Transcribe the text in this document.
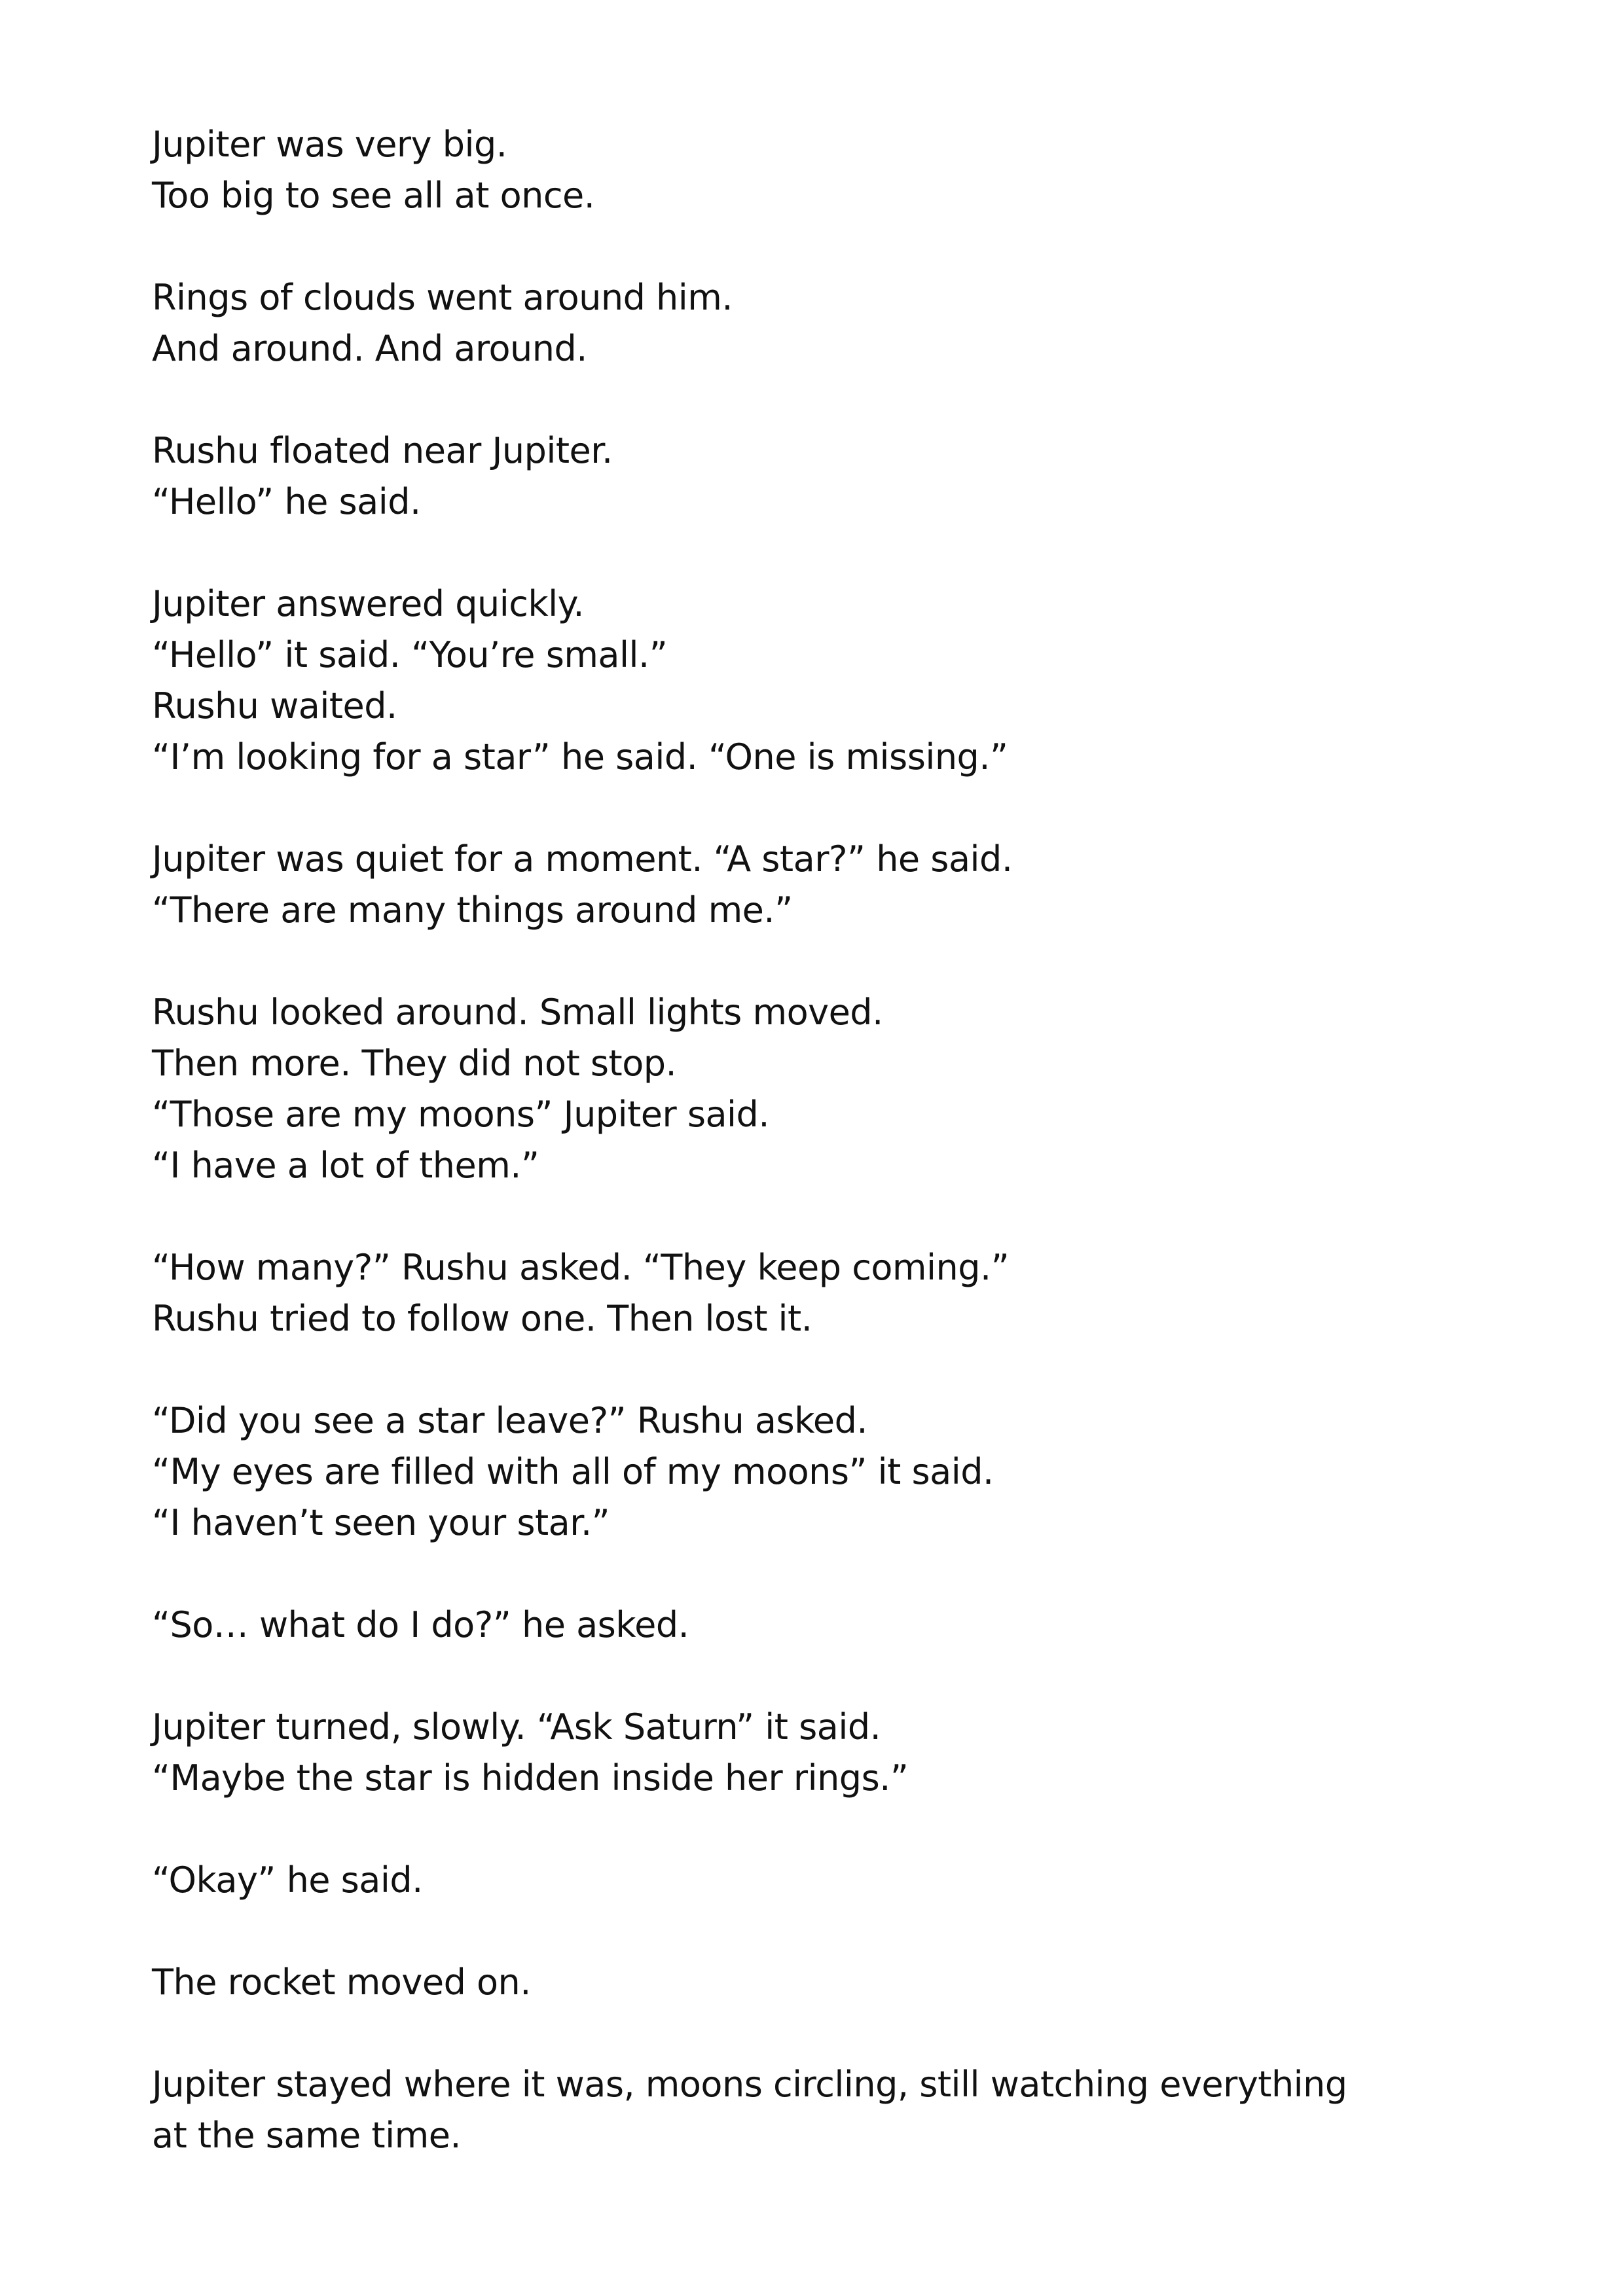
Jupiter was very big.
Too big to see all at once.
Rings of clouds went around him.
And around. And around.
Rushu floated near Jupiter.
“Hello” he said.
Jupiter answered quickly.
“Hello” it said. “You’re small.”
Rushu waited.
“I’m looking for a star” he said. “One is missing.”
Jupiter was quiet for a moment. “A star?” he said.
“There are many things around me.”
Rushu looked around. Small lights moved.
Then more. They did not stop.
“Those are my moons” Jupiter said.
“I have a lot of them.”
“How many?” Rushu asked. “They keep coming.”
Rushu tried to follow one. Then lost it.
“Did you see a star leave?” Rushu asked.
“My eyes are filled with all of my moons” it said.
“I haven’t seen your star.”
“So… what do I do?” he asked.
Jupiter turned, slowly. “Ask Saturn” it said.
“Maybe the star is hidden inside her rings.”
“Okay” he said.
The rocket moved on.
Jupiter stayed where it was, moons circling, still watching everything
at the same time.
